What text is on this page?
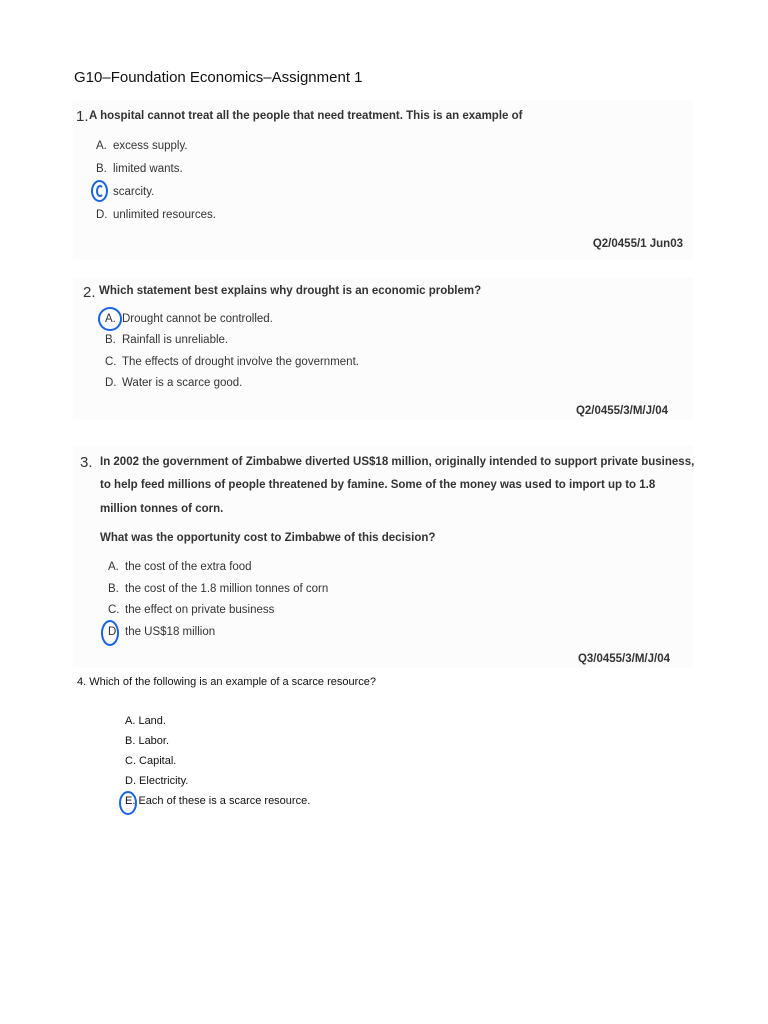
G10–Foundation Economics–Assignment 1
1. A hospital cannot treat all the people that need treatment. This is an example of
A. excess supply.
B. limited wants.
scarcity.
D. unlimited resources.
Q2/0455/1 Jun03
2. Which statement best explains why drought is an economic problem?
A. Drought cannot be controlled.
B. Rainfall is unreliable.
C. The effects of drought involve the government.
D. Water is a scarce good.
Q2/0455/3/M/J/04
3. In 2002 the government of Zimbabwe diverted US$18 million, originally intended to support private business,
to help feed millions of people threatened by famine. Some of the money was used to import up to 1.8
million tonnes of corn.
What was the opportunity cost to Zimbabwe of this decision?
A. the cost of the extra food
B. the cost of the 1.8 million tonnes of corn
C. the effect on private business
D the US$18 million
Q3/0455/3/M/J/04
4. Which of the following is an example of a scarce resource?
A. Land.
B. Labor.
C. Capital.
D. Electricity.
E. Each of these is a scarce resource.
